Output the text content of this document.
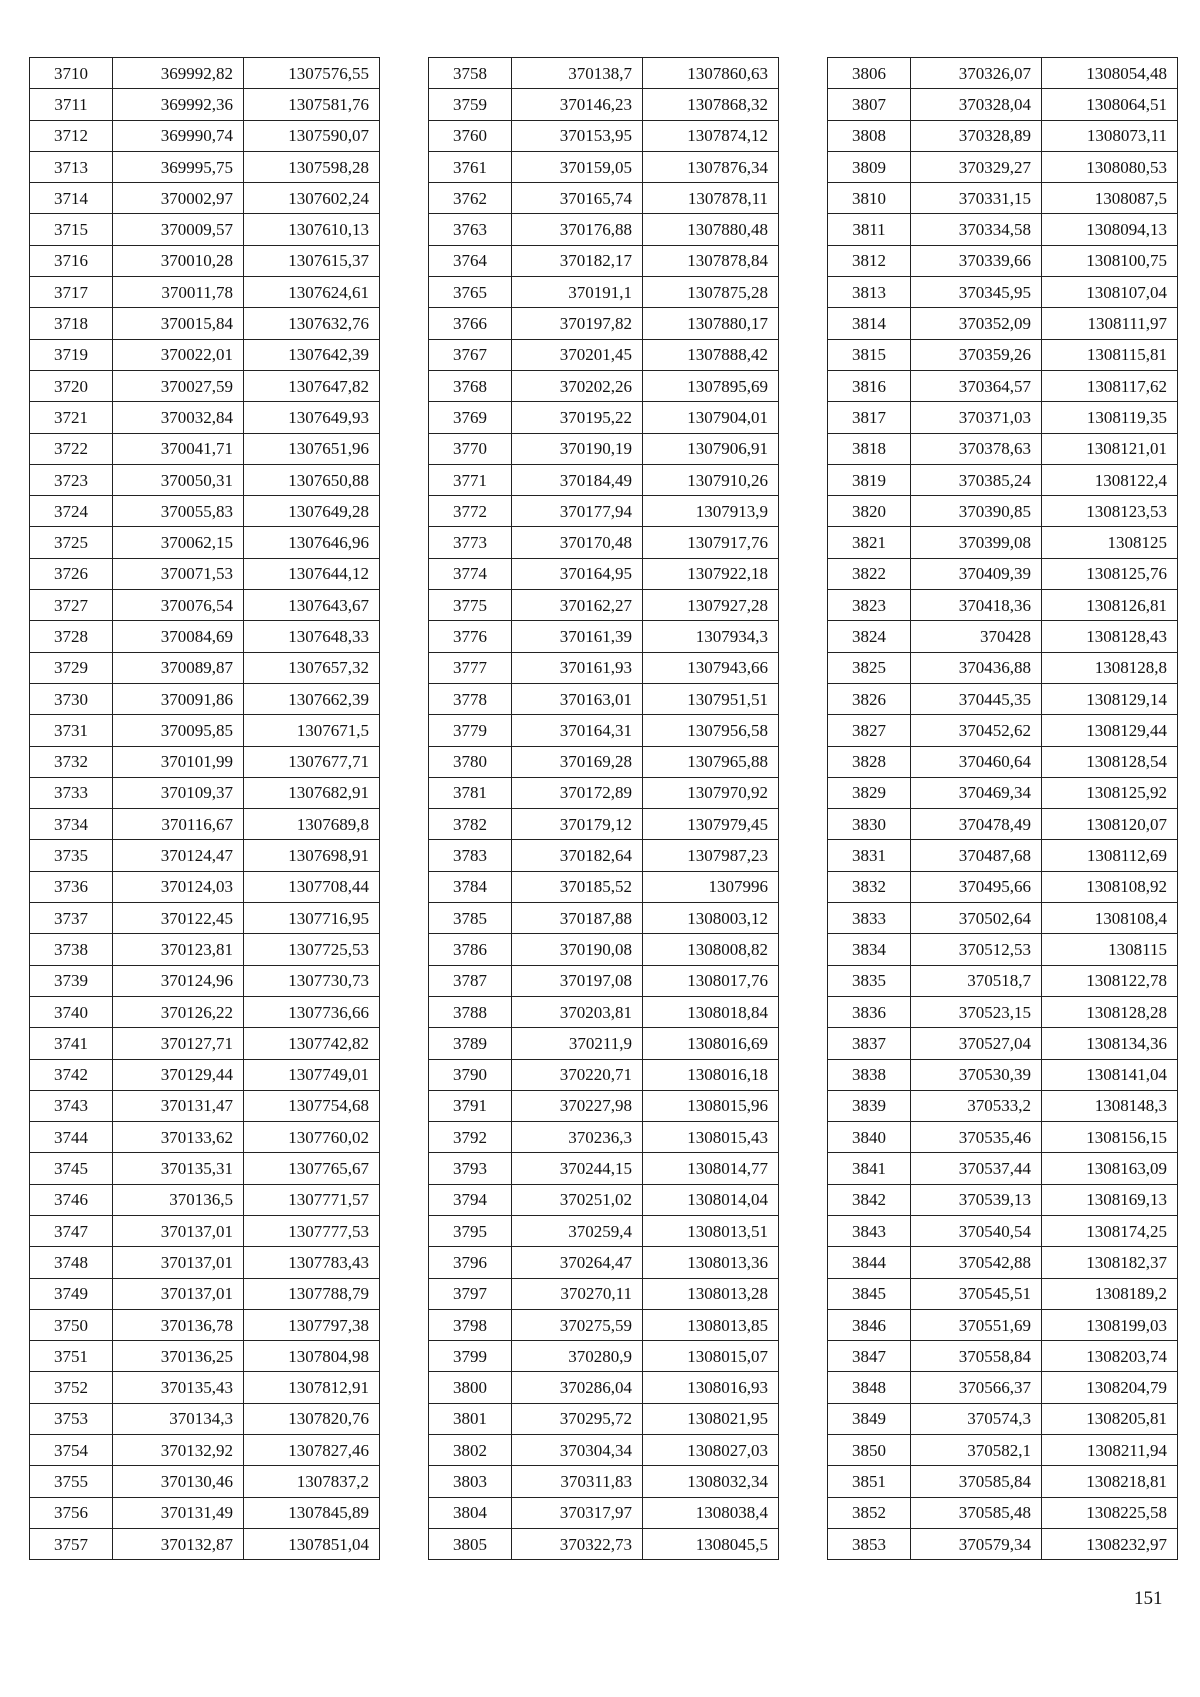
3710	369992,82	1307576,55
3711	369992,36	1307581,76
3712	369990,74	1307590,07
3713	369995,75	1307598,28
3714	370002,97	1307602,24
3715	370009,57	1307610,13
3716	370010,28	1307615,37
3717	370011,78	1307624,61
3718	370015,84	1307632,76
3719	370022,01	1307642,39
3720	370027,59	1307647,82
3721	370032,84	1307649,93
3722	370041,71	1307651,96
3723	370050,31	1307650,88
3724	370055,83	1307649,28
3725	370062,15	1307646,96
3726	370071,53	1307644,12
3727	370076,54	1307643,67
3728	370084,69	1307648,33
3729	370089,87	1307657,32
3730	370091,86	1307662,39
3731	370095,85	1307671,5
3732	370101,99	1307677,71
3733	370109,37	1307682,91
3734	370116,67	1307689,8
3735	370124,47	1307698,91
3736	370124,03	1307708,44
3737	370122,45	1307716,95
3738	370123,81	1307725,53
3739	370124,96	1307730,73
3740	370126,22	1307736,66
3741	370127,71	1307742,82
3742	370129,44	1307749,01
3743	370131,47	1307754,68
3744	370133,62	1307760,02
3745	370135,31	1307765,67
3746	370136,5	1307771,57
3747	370137,01	1307777,53
3748	370137,01	1307783,43
3749	370137,01	1307788,79
3750	370136,78	1307797,38
3751	370136,25	1307804,98
3752	370135,43	1307812,91
3753	370134,3	1307820,76
3754	370132,92	1307827,46
3755	370130,46	1307837,2
3756	370131,49	1307845,89
3757	370132,87	1307851,04
3758	370138,7	1307860,63
3759	370146,23	1307868,32
3760	370153,95	1307874,12
3761	370159,05	1307876,34
3762	370165,74	1307878,11
3763	370176,88	1307880,48
3764	370182,17	1307878,84
3765	370191,1	1307875,28
3766	370197,82	1307880,17
3767	370201,45	1307888,42
3768	370202,26	1307895,69
3769	370195,22	1307904,01
3770	370190,19	1307906,91
3771	370184,49	1307910,26
3772	370177,94	1307913,9
3773	370170,48	1307917,76
3774	370164,95	1307922,18
3775	370162,27	1307927,28
3776	370161,39	1307934,3
3777	370161,93	1307943,66
3778	370163,01	1307951,51
3779	370164,31	1307956,58
3780	370169,28	1307965,88
3781	370172,89	1307970,92
3782	370179,12	1307979,45
3783	370182,64	1307987,23
3784	370185,52	1307996
3785	370187,88	1308003,12
3786	370190,08	1308008,82
3787	370197,08	1308017,76
3788	370203,81	1308018,84
3789	370211,9	1308016,69
3790	370220,71	1308016,18
3791	370227,98	1308015,96
3792	370236,3	1308015,43
3793	370244,15	1308014,77
3794	370251,02	1308014,04
3795	370259,4	1308013,51
3796	370264,47	1308013,36
3797	370270,11	1308013,28
3798	370275,59	1308013,85
3799	370280,9	1308015,07
3800	370286,04	1308016,93
3801	370295,72	1308021,95
3802	370304,34	1308027,03
3803	370311,83	1308032,34
3804	370317,97	1308038,4
3805	370322,73	1308045,5
3806	370326,07	1308054,48
3807	370328,04	1308064,51
3808	370328,89	1308073,11
3809	370329,27	1308080,53
3810	370331,15	1308087,5
3811	370334,58	1308094,13
3812	370339,66	1308100,75
3813	370345,95	1308107,04
3814	370352,09	1308111,97
3815	370359,26	1308115,81
3816	370364,57	1308117,62
3817	370371,03	1308119,35
3818	370378,63	1308121,01
3819	370385,24	1308122,4
3820	370390,85	1308123,53
3821	370399,08	1308125
3822	370409,39	1308125,76
3823	370418,36	1308126,81
3824	370428	1308128,43
3825	370436,88	1308128,8
3826	370445,35	1308129,14
3827	370452,62	1308129,44
3828	370460,64	1308128,54
3829	370469,34	1308125,92
3830	370478,49	1308120,07
3831	370487,68	1308112,69
3832	370495,66	1308108,92
3833	370502,64	1308108,4
3834	370512,53	1308115
3835	370518,7	1308122,78
3836	370523,15	1308128,28
3837	370527,04	1308134,36
3838	370530,39	1308141,04
3839	370533,2	1308148,3
3840	370535,46	1308156,15
3841	370537,44	1308163,09
3842	370539,13	1308169,13
3843	370540,54	1308174,25
3844	370542,88	1308182,37
3845	370545,51	1308189,2
3846	370551,69	1308199,03
3847	370558,84	1308203,74
3848	370566,37	1308204,79
3849	370574,3	1308205,81
3850	370582,1	1308211,94
3851	370585,84	1308218,81
3852	370585,48	1308225,58
3853	370579,34	1308232,97
151
